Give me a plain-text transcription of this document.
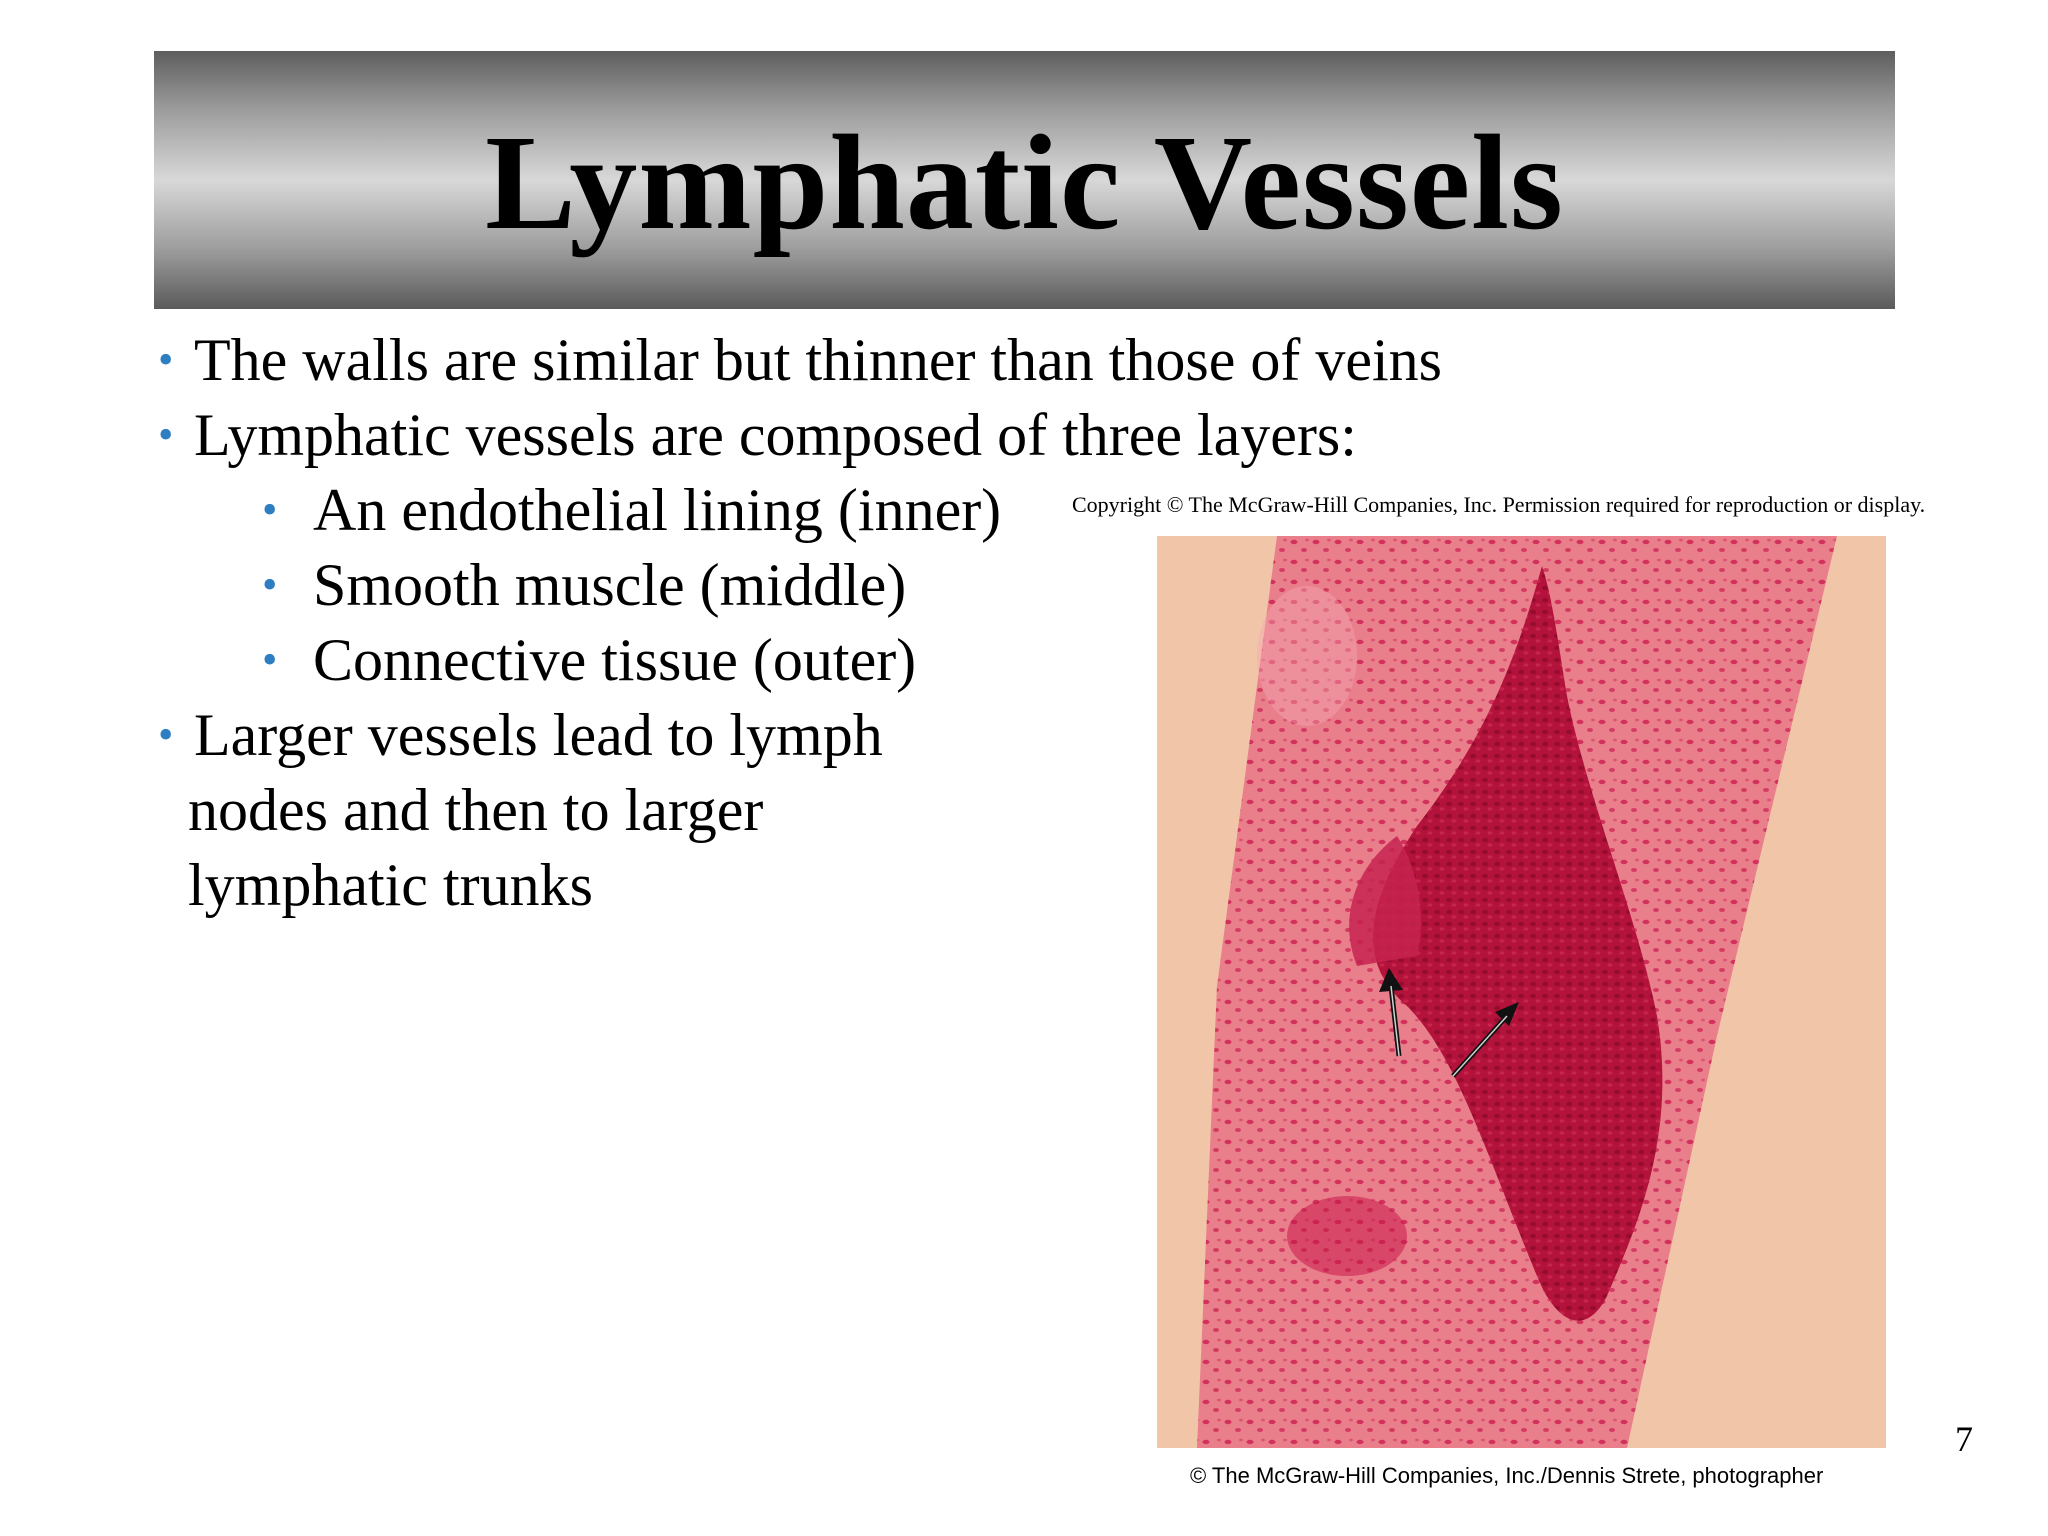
Lymphatic Vessels
• The walls are similar but thinner than those of veins
• Lymphatic vessels are composed of three layers:
• An endothelial lining (inner)
• Smooth muscle (middle)
• Connective tissue (outer)
• Larger vessels lead to lymph
nodes and then to larger
lymphatic trunks
Copyright © The McGraw-Hill Companies, Inc. Permission required for reproduction or display.
© The McGraw-Hill Companies, Inc./Dennis Strete, photographer
7
